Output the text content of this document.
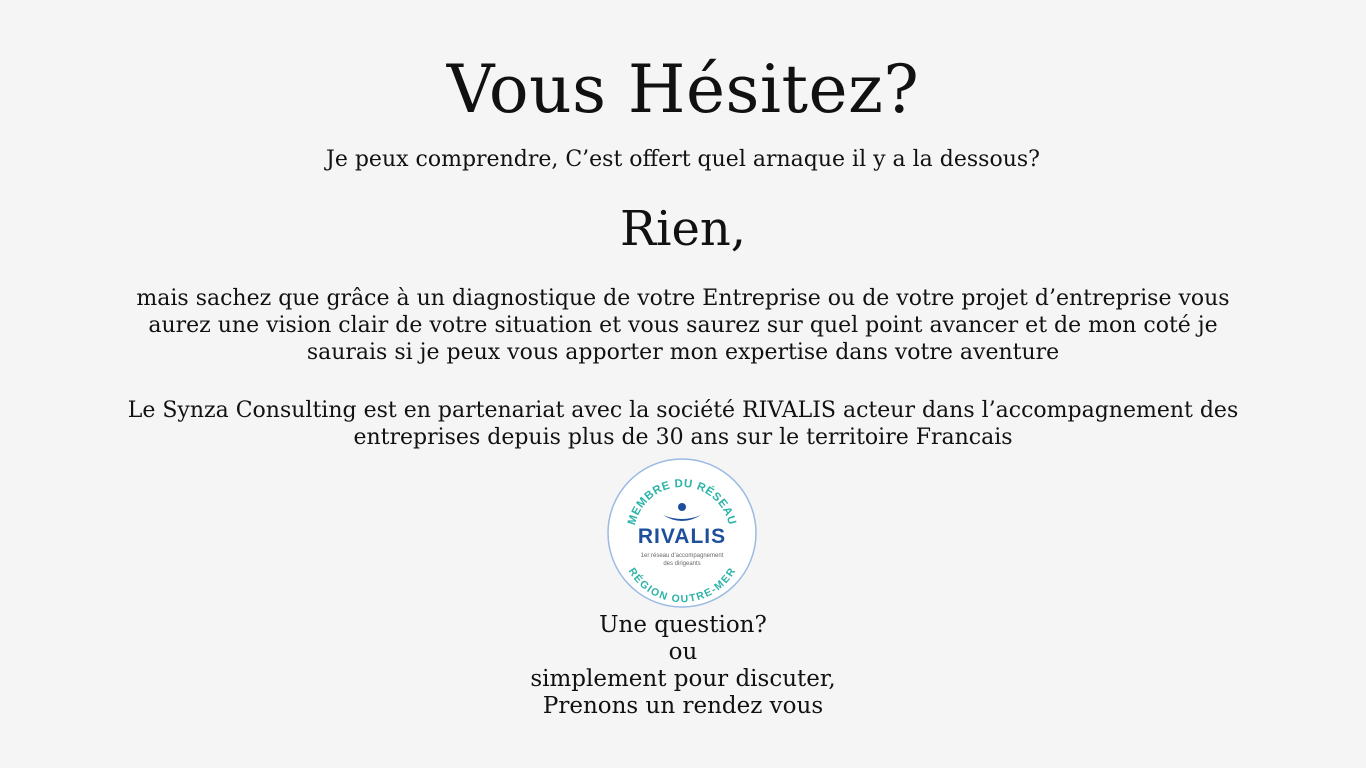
Vous Hésitez?

Je peux comprendre, C’est offert quel arnaque il y a la dessous?

Rien,

mais sachez que grâce à un diagnostique de votre Entreprise ou de votre projet d’entreprise vous
aurez une vision clair de votre situation et vous saurez sur quel point avancer et de mon coté je
saurais si je peux vous apporter mon expertise dans votre aventure

Le Synza Consulting est en partenariat avec la société RIVALIS acteur dans l’accompagnement des
entreprises depuis plus de 30 ans sur le territoire Francais

MEMBRE DU RÉSEAU
RIVALIS
1er réseau d’accompagnement
des dirigeants
RÉGION OUTRE-MER

Une question?
ou
simplement pour discuter,
Prenons un rendez vous
